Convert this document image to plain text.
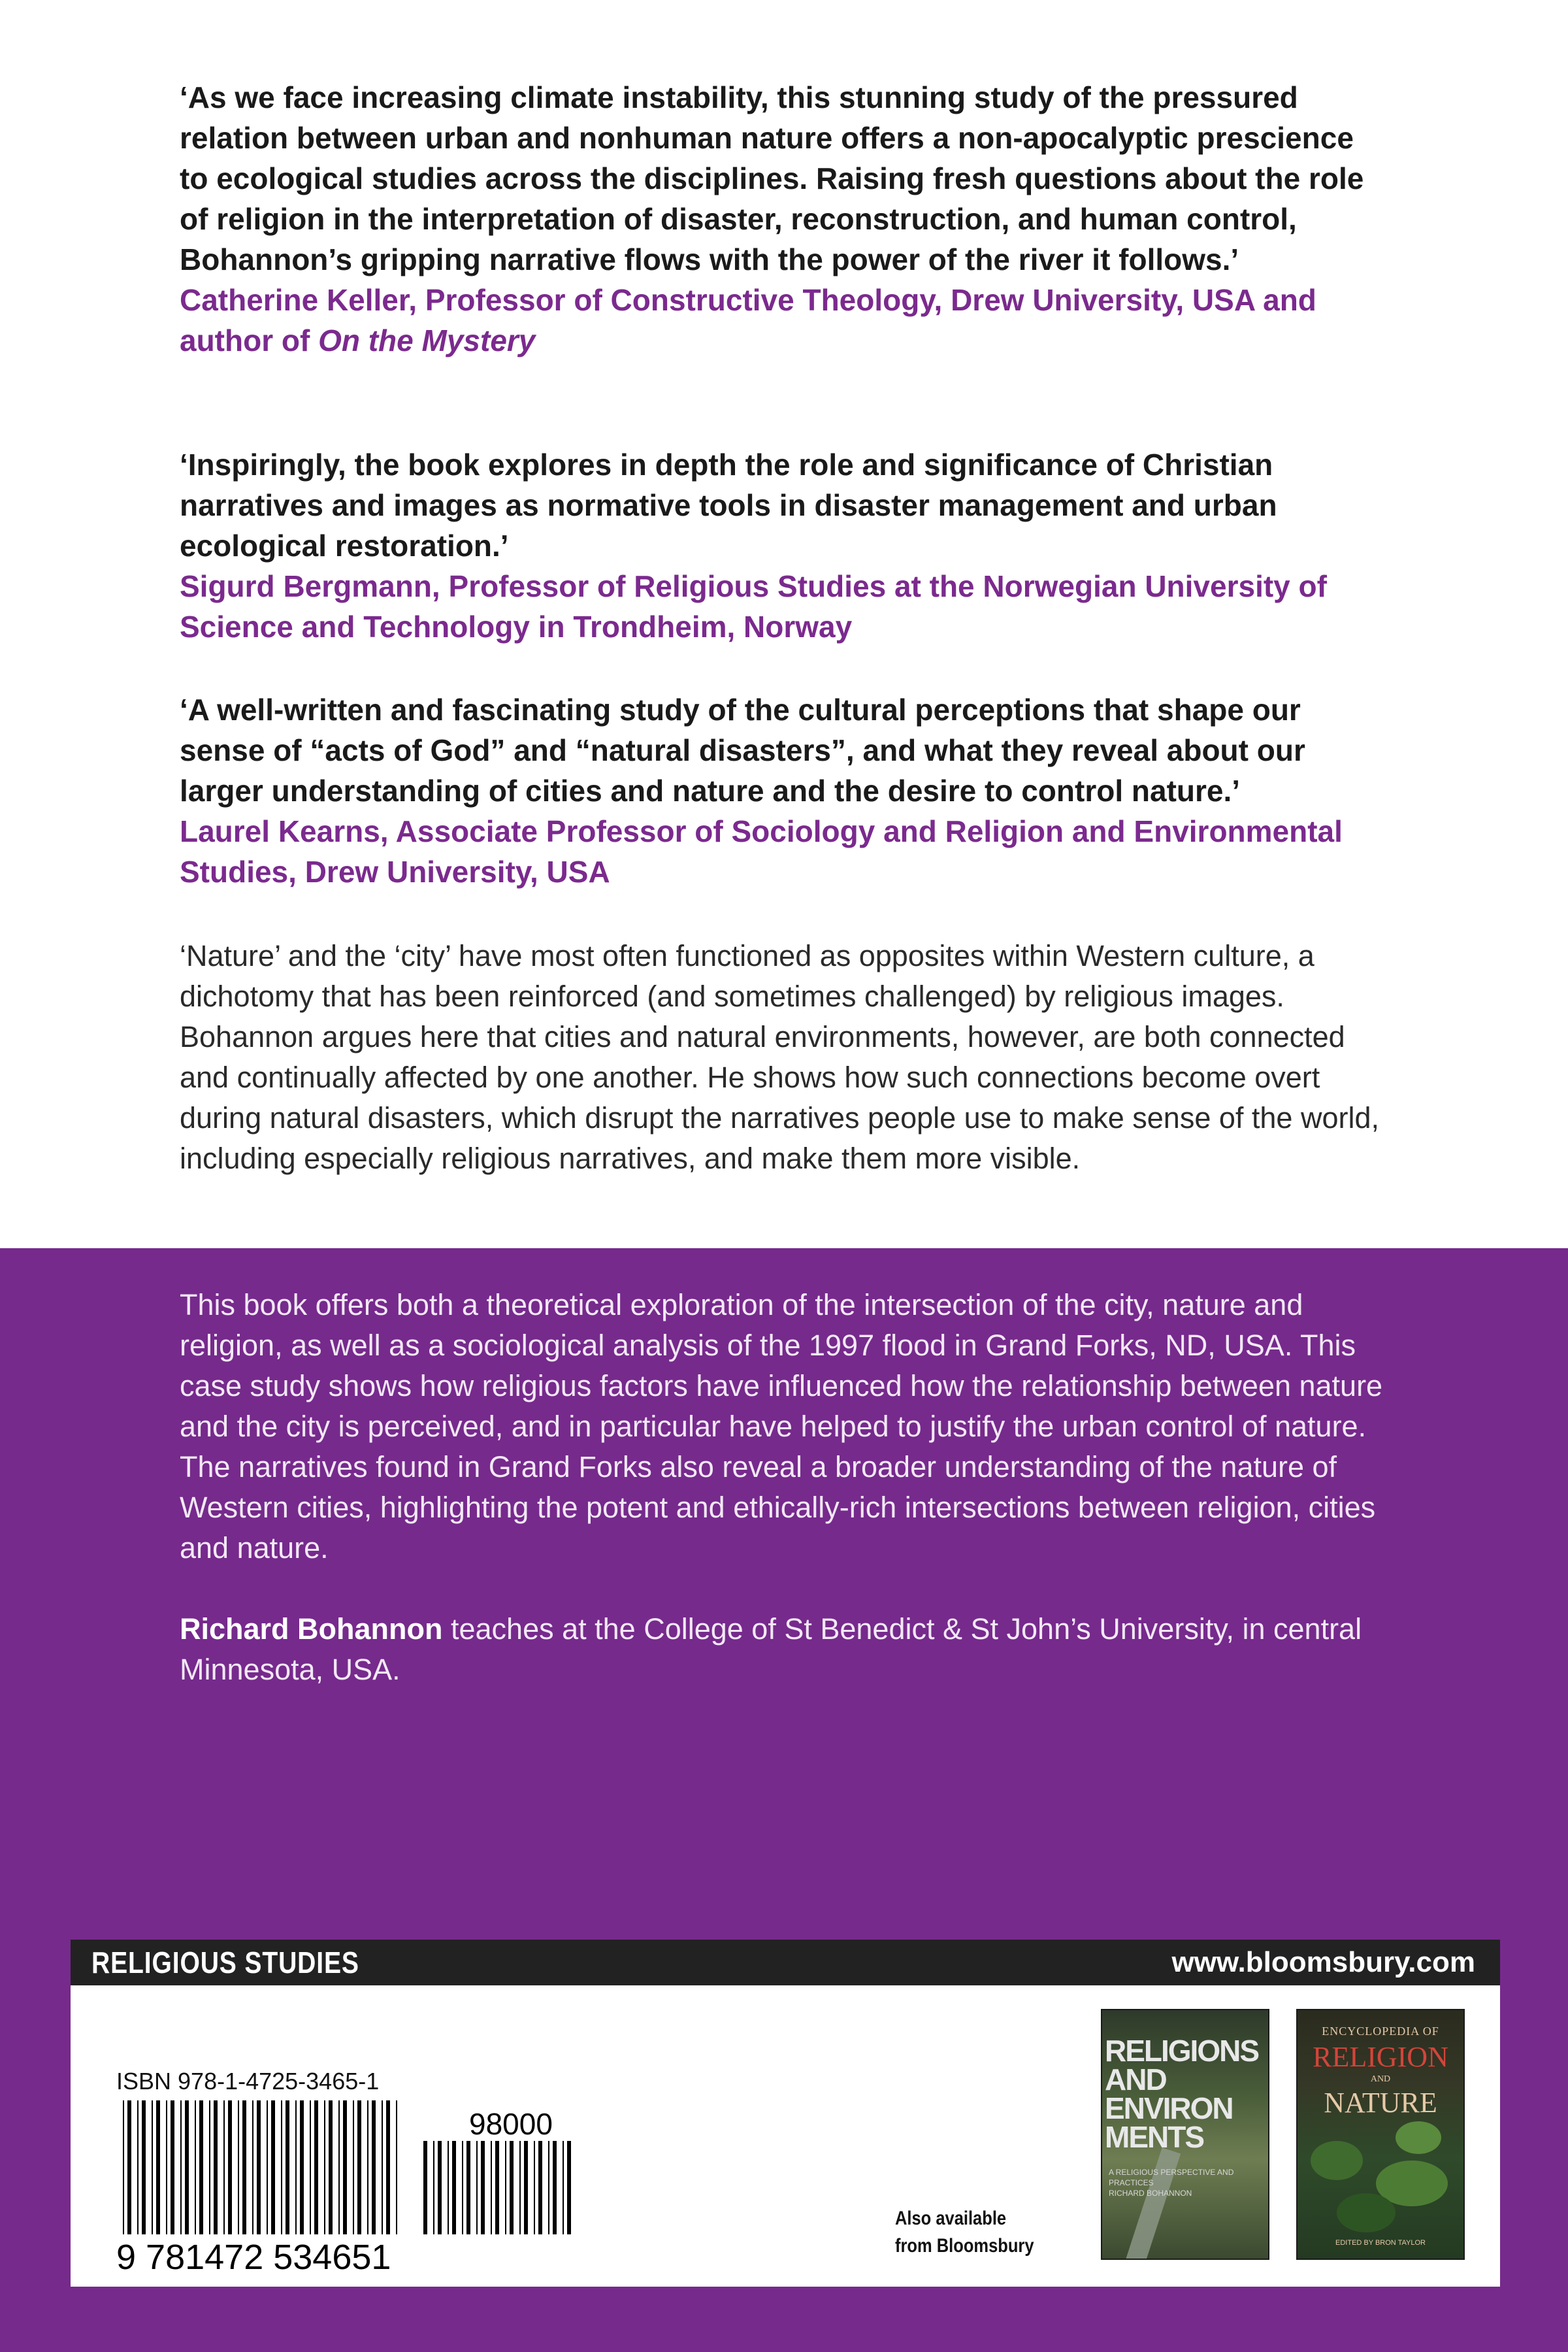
‘As we face increasing climate instability, this stunning study of the pressured relation between urban and nonhuman nature offers a non-apocalyptic prescience to ecological studies across the disciplines. Raising fresh questions about the role of religion in the interpretation of disaster, reconstruction, and human control, Bohannon’s gripping narrative flows with the power of the river it follows.’

Catherine Keller, Professor of Constructive Theology, Drew University, USA and author of On the Mystery

‘Inspiringly, the book explores in depth the role and significance of Christian narratives and images as normative tools in disaster management and urban ecological restoration.’

Sigurd Bergmann, Professor of Religious Studies at the Norwegian University of Science and Technology in Trondheim, Norway

‘A well-written and fascinating study of the cultural perceptions that shape our sense of “acts of God” and “natural disasters”, and what they reveal about our larger understanding of cities and nature and the desire to control nature.’

Laurel Kearns, Associate Professor of Sociology and Religion and Environmental Studies, Drew University, USA

‘Nature’ and the ‘city’ have most often functioned as opposites within Western culture, a dichotomy that has been reinforced (and sometimes challenged) by religious images. Bohannon argues here that cities and natural environments, however, are both connected and continually affected by one another. He shows how such connections become overt during natural disasters, which disrupt the narratives people use to make sense of the world, including especially religious narratives, and make them more visible.

This book offers both a theoretical exploration of the intersection of the city, nature and religion, as well as a sociological analysis of the 1997 flood in Grand Forks, ND, USA. This case study shows how religious factors have influenced how the relationship between nature and the city is perceived, and in particular have helped to justify the urban control of nature. The narratives found in Grand Forks also reveal a broader understanding of the nature of Western cities, highlighting the potent and ethically-rich intersections between religion, cities and nature.

Richard Bohannon teaches at the College of St Benedict & St John’s University, in central Minnesota, USA.

RELIGIOUS STUDIES	www.bloomsbury.com
ISBN 978-1-4725-3465-1
9 781472 534651
98000
Also available
from Bloomsbury
RELIGIONS AND ENVIRON MENTS
A RELIGIOUS PERSPECTIVE AND PRACTICES
RICHARD BOHANNON
ENCYCLOPEDIA OF
RELIGION
AND
NATURE
EDITED BY BRON TAYLOR
